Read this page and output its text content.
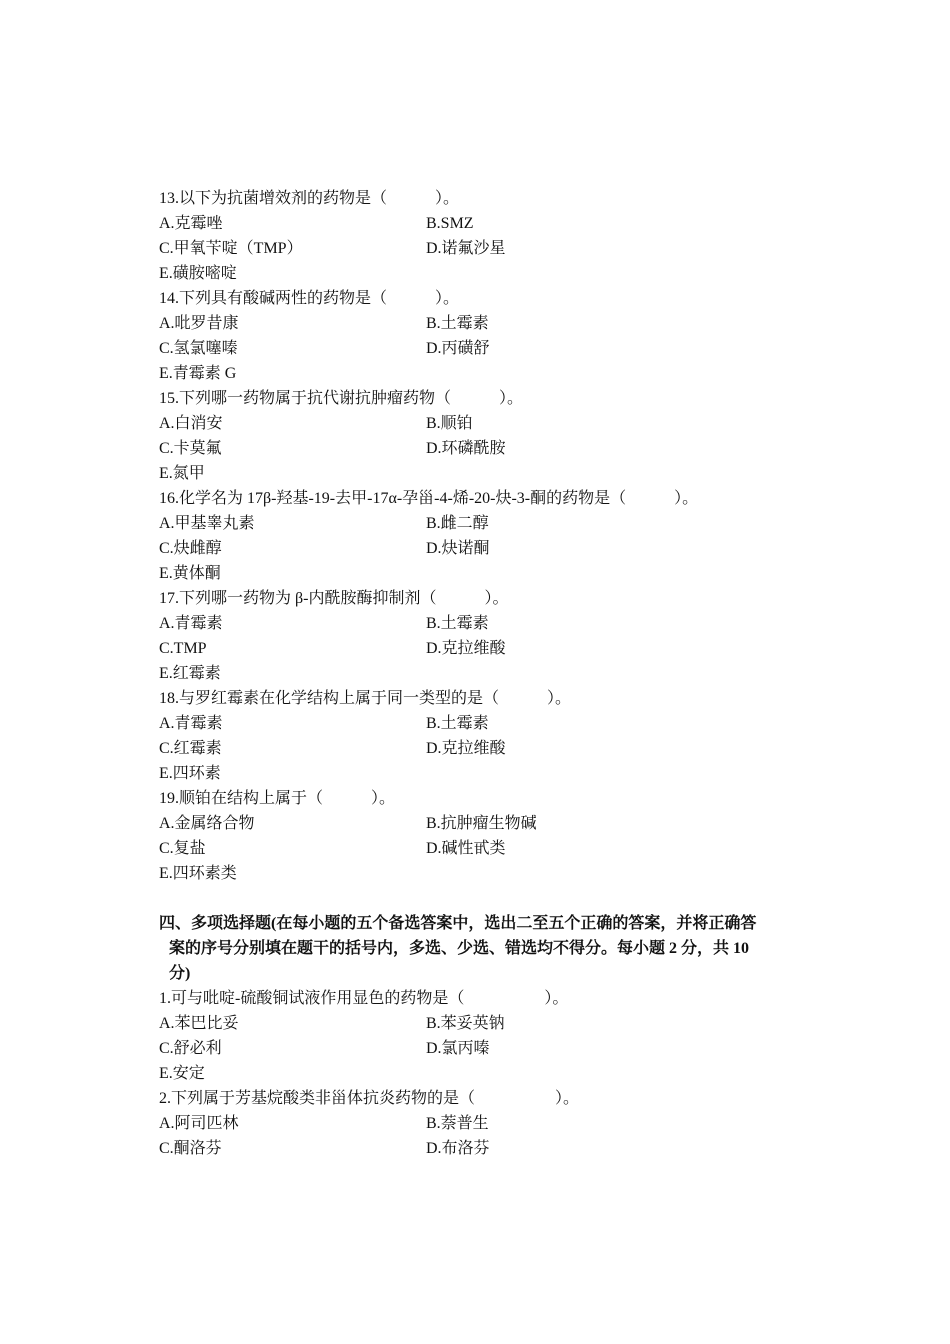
13.以下为抗菌增效剂的药物是（　　　）。
A.克霉唑	B.SMZ
C.甲氧苄啶（TMP）	D.诺氟沙星
E.磺胺嘧啶
14.下列具有酸碱两性的药物是（　　　）。
A.吡罗昔康	B.土霉素
C.氢氯噻嗪	D.丙磺舒
E.青霉素 G
15.下列哪一药物属于抗代谢抗肿瘤药物（　　　）。
A.白消安	B.顺铂
C.卡莫氟	D.环磷酰胺
E.氮甲
16.化学名为 17β-羟基-19-去甲-17α-孕甾-4-烯-20-炔-3-酮的药物是（　　　）。
A.甲基睾丸素	B.雌二醇
C.炔雌醇	D.炔诺酮
E.黄体酮
17.下列哪一药物为 β-内酰胺酶抑制剂（　　　）。
A.青霉素	B.土霉素
C.TMP	D.克拉维酸
E.红霉素
18.与罗红霉素在化学结构上属于同一类型的是（　　　）。
A.青霉素	B.土霉素
C.红霉素	D.克拉维酸
E.四环素
19.顺铂在结构上属于（　　　）。
A.金属络合物	B.抗肿瘤生物碱
C.复盐	D.碱性甙类
E.四环素类
四、多项选择题(在每小题的五个备选答案中，选出二至五个正确的答案，并将正确答
案的序号分别填在题干的括号内，多选、少选、错选均不得分。每小题 2 分，共 10
分)
1.可与吡啶-硫酸铜试液作用显色的药物是（　　　　　）。
A.苯巴比妥	B.苯妥英钠
C.舒必利	D.氯丙嗪
E.安定
2.下列属于芳基烷酸类非甾体抗炎药物的是（　　　　　）。
A.阿司匹林	B.萘普生
C.酮洛芬	D.布洛芬
